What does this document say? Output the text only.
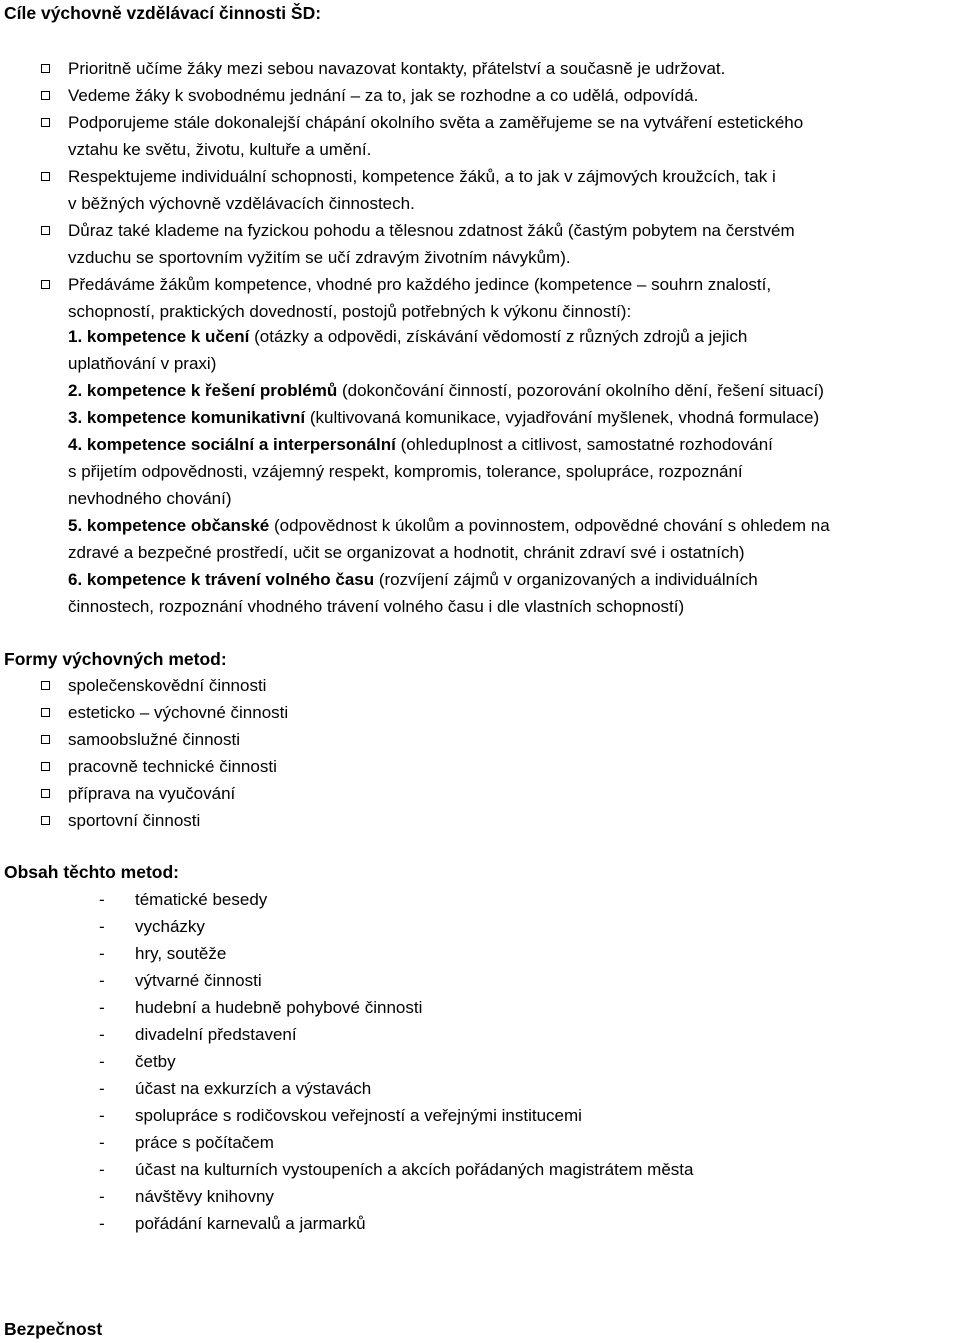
Cíle výchovně vzdělávací činnosti ŠD:
Prioritně učíme žáky mezi sebou navazovat kontakty, přátelství a současně je udržovat.
Vedeme žáky k svobodnému jednání – za to, jak se rozhodne a co udělá, odpovídá.
Podporujeme stále dokonalejší chápání okolního světa a zaměřujeme se na vytváření estetického
vztahu ke světu, životu, kultuře a umění.
Respektujeme individuální schopnosti, kompetence žáků, a to jak v zájmových kroužcích, tak i
v běžných výchovně vzdělávacích činnostech.
Důraz také klademe na fyzickou pohodu a tělesnou zdatnost žáků (častým pobytem na čerstvém
vzduchu se sportovním vyžitím se učí zdravým životním návykům).
Předáváme žákům kompetence, vhodné pro každého jedince (kompetence – souhrn znalostí,
schopností, praktických dovedností, postojů potřebných k výkonu činností):
1. kompetence k učení (otázky a odpovědi, získávání vědomostí z různých zdrojů a jejich
uplatňování v praxi)
2. kompetence k řešení problémů (dokončování činností, pozorování okolního dění, řešení situací)
3. kompetence komunikativní (kultivovaná komunikace, vyjadřování myšlenek, vhodná formulace)
4. kompetence sociální a interpersonální (ohleduplnost a citlivost, samostatné rozhodování
s přijetím odpovědnosti, vzájemný respekt, kompromis, tolerance, spolupráce, rozpoznání
nevhodného chování)
5. kompetence občanské (odpovědnost k úkolům a povinnostem, odpovědné chování s ohledem na
zdravé a bezpečné prostředí, učit se organizovat a hodnotit, chránit zdraví své i ostatních)
6. kompetence k trávení volného času (rozvíjení zájmů v organizovaných a individuálních
činnostech, rozpoznání vhodného trávení volného času i dle vlastních schopností)
Formy výchovných metod:
společenskovědní činnosti
esteticko – výchovné činnosti
samoobslužné činnosti
pracovně technické činnosti
příprava na vyučování
sportovní činnosti
Obsah těchto metod:
- tématické besedy
- vycházky
- hry, soutěže
- výtvarné činnosti
- hudební a hudebně pohybové činnosti
- divadelní představení
- četby
- účast na exkurzích a výstavách
- spolupráce s rodičovskou veřejností a veřejnými institucemi
- práce s počítačem
- účast na kulturních vystoupeních a akcích pořádaných magistrátem města
- návštěvy knihovny
- pořádání karnevalů a jarmarků
Bezpečnost
